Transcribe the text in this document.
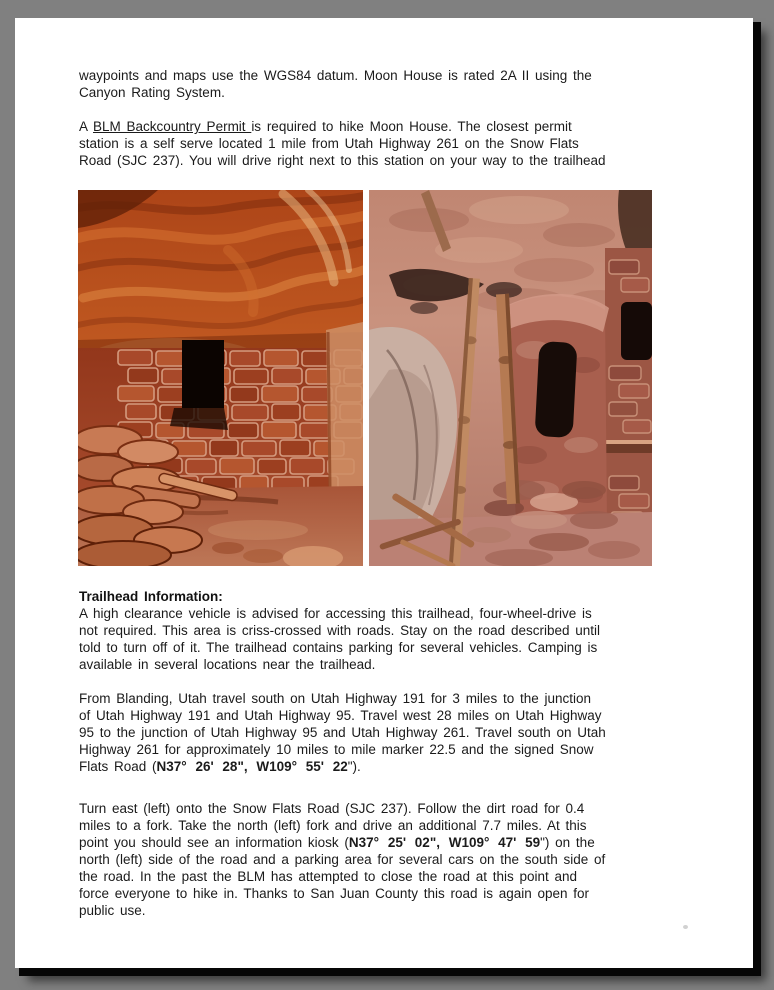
waypoints and maps use the WGS84 datum. Moon House is rated 2A II using the
Canyon Rating System.
A BLM Backcountry Permit is required to hike Moon House. The closest permit
station is a self serve located 1 mile from Utah Highway 261 on the Snow Flats
Road (SJC 237). You will drive right next to this station on your way to the trailhead
Trailhead Information:
A high clearance vehicle is advised for accessing this trailhead, four-wheel-drive is
not required. This area is criss-crossed with roads. Stay on the road described until
told to turn off of it. The trailhead contains parking for several vehicles. Camping is
available in several locations near the trailhead.
From Blanding, Utah travel south on Utah Highway 191 for 3 miles to the junction
of Utah Highway 191 and Utah Highway 95. Travel west 28 miles on Utah Highway
95 to the junction of Utah Highway 95 and Utah Highway 261. Travel south on Utah
Highway 261 for approximately 10 miles to mile marker 22.5 and the signed Snow
Flats Road (N37° 26' 28", W109° 55' 22").
Turn east (left) onto the Snow Flats Road (SJC 237). Follow the dirt road for 0.4
miles to a fork. Take the north (left) fork and drive an additional 7.7 miles. At this
point you should see an information kiosk (N37° 25' 02", W109° 47' 59") on the
north (left) side of the road and a parking area for several cars on the south side of
the road. In the past the BLM has attempted to close the road at this point and
force everyone to hike in. Thanks to San Juan County this road is again open for
public use.
